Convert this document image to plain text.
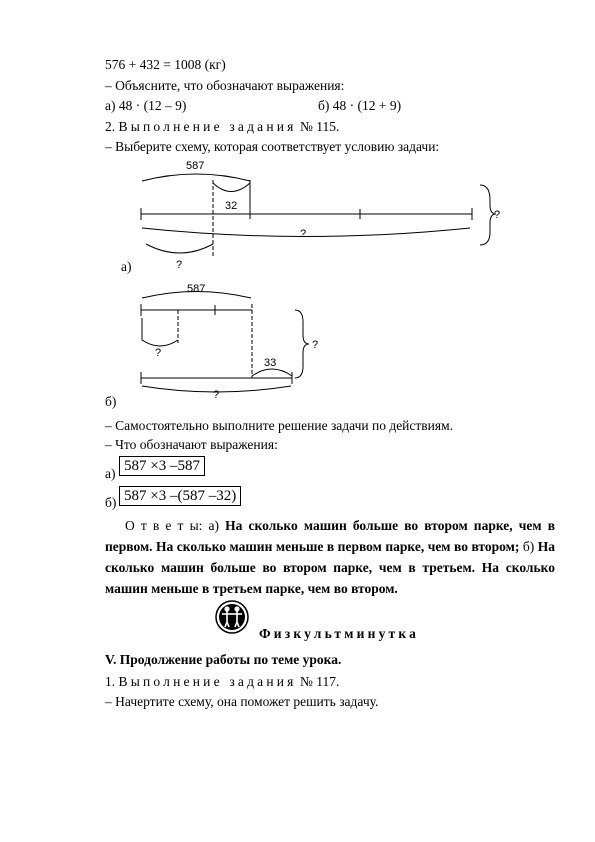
576 + 432 = 1008 (кг)
– Объясните, что обозначают выражения:
а) 48 · (12 – 9)	б) 48 · (12 + 9)
2. Выполнение задания № 115.
– Выберите схему, которая соответствует условию задачи:
587
32
?
?
?
587
?
33
?
?
а)
б)
– Самостоятельно выполните решение задачи по действиям.
– Что обозначают выражения:
а) 587 ×3 –587
б) 587 ×3 –(587 –32)
О т в е т ы: а) На сколько машин больше во втором парке, чем в первом. На сколько машин меньше в первом парке, чем во втором; б) На сколько машин больше во втором парке, чем в третьем. На сколько машин меньше в третьем парке, чем во втором.
Физкультминутка
V. Продолжение работы по теме урока.
1. Выполнение задания № 117.
– Начертите схему, она поможет решить задачу.
